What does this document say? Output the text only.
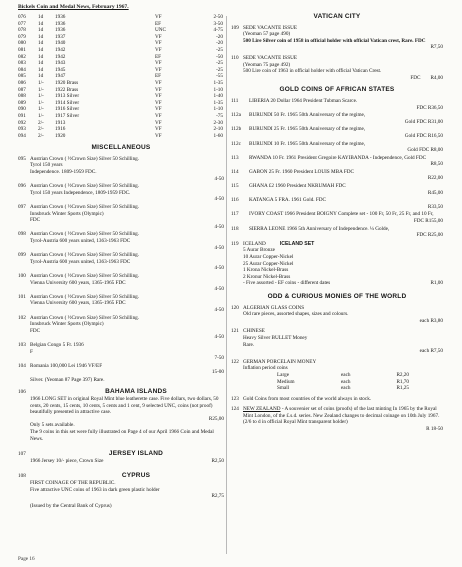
Bickels Coin and Medal News, February 1967.
076	1d	1936	VF	2-50
077	1d	1936	EF	3-50
078	1d	1936	UNC	4-75
079	1d	1937	VF	-20
080	1d	1940	VF	-20
081	1d	1942	VF	-25
082	1d	1942	EF	-50
083	1d	1943	VF	-25
084	1d	1945	VF	-25
085	1d	1947	EF	-55
086	1/-	1920 Brass	VF	1-35
087	1/-	1922 Brass	VF	1-10
088	1/-	1913 Silver	VF	1-40
089	1/-	1914 Silver	VF	1-35
090	1/-	1916 Silver	VF	1-10
091	1/-	1917 Silver	VF	-75
092	2/-	1913	VF	2-30
093	2/-	1916	VF	2-10
094	2/-	1920	VF	1-60
MISCELLANEOUS
095 Austrian Crown ( ½Crown Size) Silver 50 Schilling.
Tyrol 150 years
Independence. 1809-1959 FDC.
4-50
096 Austrian Crown ( ½Crown Size) Silver 50 Schilling.
Tyrol 150 years Independence, 1809-1959 FDC.
4-50
097 Austrian Crown ( ½Crown Size) Silver 50 Schilling.
Innsbruck Winter Sports (Olympic)
FDC
4-50
098 Austrian Crown ( ½Crown Size) Silver 50 Schilling.
Tyrol-Austria 600 years united, 1363-1963 FDC
4-50
099 Austrian Crown ( ½Crown Size) Silver 50 Schilling.
Tyrol-Austria 600 years united, 1363-1963 FDC
4-50
100 Austrian Crown ( ½Crown Size) Silver 50 Schilling.
Vienna University 600 years, 1365-1965 FDC
4-50
101 Austrian Crown ( ½Crown Size) Silver 50 Schilling.
Vienna University 600 years, 1365-1965 FDC
4-50
102 Austrian Crown ( ½Crown Size) Silver 50 Schilling.
Innsbruck Winter Sports (Olympic)
FDC
4-50
103 Belgian Congo 5 Fr. 1936
F
7-50
104 Romania 100,000 Lei 1946 VF/EF
15-00
Silver. (Yeoman 87 Page 397) Rare.
106	BAHAMA ISLANDS
1966 LONG SET in original Royal Mint blue leatherette case. Five dollars, two dollars, 50 cents, 20 cents, 15 cents, 10 cents, 5 cents and 1 cent, 9 selected UNC, coins (not proof) beautifully presented in attractive case.
R25,00
Only 5 sets available.
The 9 coins in this set were fully illustrated on Page 4 of our April 1966 Coin and Medal News.
107	JERSEY ISLAND
1966 Jersey 10/- piece, Crown Size	R2,50
108	CYPRUS
FIRST COINAGE OF THE REPUBLIC.
Five attractive UNC coins of 1963 in dark green plastic holder
R2,75
(Issued by the Central Bank of Cyprus)
VATICAN CITY
109 SEDE VACANTE ISSUE
(Yeoman 57 page 490)
500 Lire Silver coin of 1958 in official holder with official Vatican crest, Rare. FDC
R7,50
110 SEDE VACANTE ISSUE
(Yeoman 75 page 492)
500 Lire coin of 1963 in official holder with official Vatican Crest.
FDC R4,00
GOLD COINS OF AFRICAN STATES
111 LIBERIA 20 Dollar 1964 President Tubman Scarce.
FDC R36,50
112a BURUNDI 50 Fr. 1965 50th Anniversary of the regime,
Gold FDC R31,00
112b BURUNDI 25 Fr. 1965 50th Anniversary of the regime,
Gold FDC R16,50
112c BURUNDI 10 Fr. 1965 50th Anniversary of the regime,
Gold FDC R8,00
113 RWANDA 10 Fr. 1961 President Gregoire KAYIBANDA - Independence, Gold FDC
R8,50
114 GABON 25 Fr. 1960 President LOUIS MBA FDC
R22,00
115 GHANA £2 1960 President NKRUMAH FDC
R45,00
116 KATANGA 5 FRA. 1961 Gold. FDC
R33,50
117 IVORY COAST 1966 President BOIGNY Complete set - 100 Fr, 50 Fr, 25 Fr, and 10 Fr,
FDC R155,00
118 SIERRA LEONE 1966 5th Anniversary of Independence. ¼ Golde,
FDC R25,00
119 ICELAND	ICELAND SET
5 Aurar Bronze
10 Aurar Copper-Nickel
25 Aurar Copper-Nickel
1 Krona Nickel-Brass
2 Kronur Nickel-Brass
- Five assorted - EF coins - different dates	R1,00
ODD & CURIOUS MONIES OF THE WORLD
120 ALGERIAN GLASS COINS
Old rare pieces, assorted shapes, sizes and colours.
each R3,80
121 CHINESE
Heavy Silver BULLET Money
Rare.
each R7,50
122 GERMAN PORCELAIN MONEY
Inflation period coins
Large	each	R2,20
Medium	each	R1,70
Small	each	R1,25
123 Gold Coins from most countries of the world always in stock.
124 NEW ZEALAND - A souvenier set of coins (proofs) of the last minting In 1965 by the Royal Mint London, of the £.s.d. series. New Zealand changes to decimal coinage on 10th July 1967. (2/6 to d in official Royal Mint transparent holder)
R 18-50
Page 16
